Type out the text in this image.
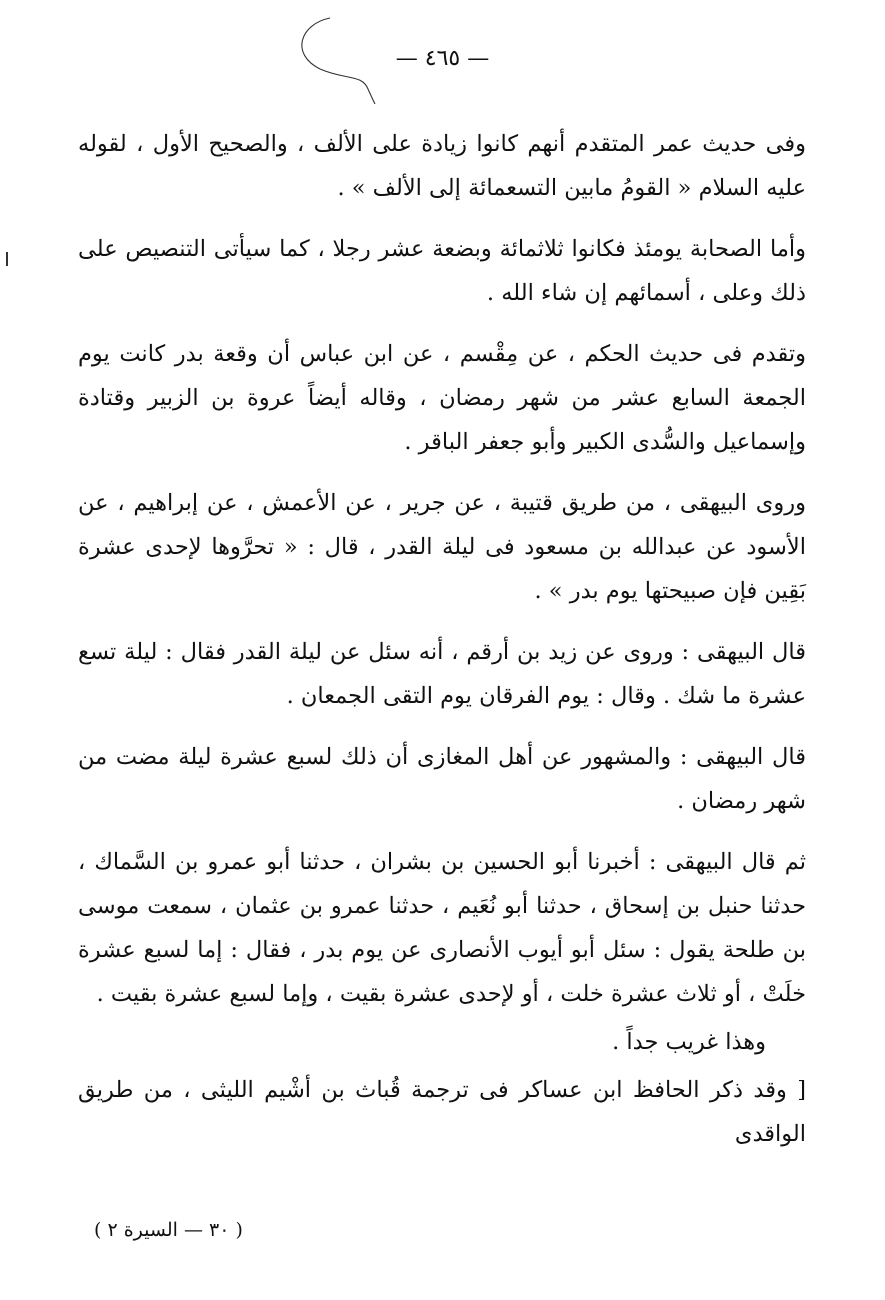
— ٤٦٥ —

وفى حديث عمر المتقدم أنهم كانوا زيادة على الألف ، والصحيح الأول ، لقوله عليه السلام « القومُ مابين التسعمائة إلى الألف » .

وأما الصحابة يومئذ فكانوا ثلاثمائة وبضعة عشر رجلا ، كما سيأتى التنصيص على ذلك وعلى ، أسمائهم إن شاء الله .

وتقدم فى حديث الحكم ، عن مِقْسم ، عن ابن عباس أن وقعة بدر كانت يوم الجمعة السابع عشر من شهر رمضان ، وقاله أيضاً عروة بن الزبير وقتادة وإسماعيل والسُّدى الكبير وأبو جعفر الباقر .

وروى البيهقى ، من طريق قتيبة ، عن جرير ، عن الأعمش ، عن إبراهيم ، عن الأسود عن عبدالله بن مسعود فى ليلة القدر ، قال : « تحرَّوها لإحدى عشرة بَقِين فإن صبيحتها يوم بدر » .

قال البيهقى : وروى عن زيد بن أرقم ، أنه سئل عن ليلة القدر فقال : ليلة تسع عشرة ما شك . وقال : يوم الفرقان يوم التقى الجمعان .

قال البيهقى : والمشهور عن أهل المغازى أن ذلك لسبع عشرة ليلة مضت من شهر رمضان .

ثم قال البيهقى : أخبرنا أبو الحسين بن بشران ، حدثنا أبو عمرو بن السَّماك ، حدثنا حنبل بن إسحاق ، حدثنا أبو نُعَيم ، حدثنا عمرو بن عثمان ، سمعت موسى بن طلحة يقول : سئل أبو أيوب الأنصارى عن يوم بدر ، فقال : إما لسبع عشرة خلَتْ ، أو ثلاث عشرة خلت ، أو لإحدى عشرة بقيت ، وإما لسبع عشرة بقيت .

وهذا غريب جداً .

[ وقد ذكر الحافظ ابن عساكر فى ترجمة قُباث بن أشْيم الليثى ، من طريق الواقدى

( ٣٠ — السيرة ٢ )
